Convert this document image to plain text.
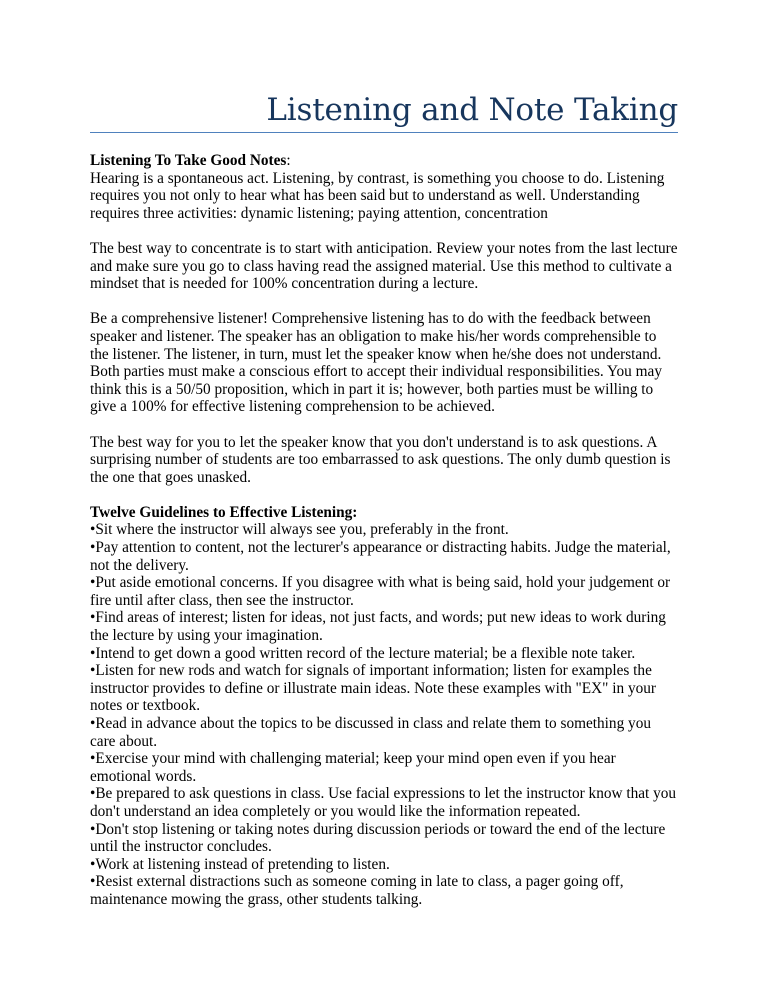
Listening and Note Taking
Listening To Take Good Notes:

Hearing is a spontaneous act. Listening, by contrast, is something you choose to do. Listening requires you not only to hear what has been said but to understand as well. Understanding requires three activities: dynamic listening; paying attention, concentration

The best way to concentrate is to start with anticipation. Review your notes from the last lecture and make sure you go to class having read the assigned material. Use this method to cultivate a mindset that is needed for 100% concentration during a lecture.

Be a comprehensive listener! Comprehensive listening has to do with the feedback between speaker and listener. The speaker has an obligation to make his/her words comprehensible to the listener. The listener, in turn, must let the speaker know when he/she does not understand. Both parties must make a conscious effort to accept their individual responsibilities. You may think this is a 50/50 proposition, which in part it is; however, both parties must be willing to give a 100% for effective listening comprehension to be achieved.

The best way for you to let the speaker know that you don't understand is to ask questions. A surprising number of students are too embarrassed to ask questions. The only dumb question is the one that goes unasked.

Twelve Guidelines to Effective Listening:
•Sit where the instructor will always see you, preferably in the front.
•Pay attention to content, not the lecturer's appearance or distracting habits. Judge the material, not the delivery.
•Put aside emotional concerns. If you disagree with what is being said, hold your judgement or fire until after class, then see the instructor.
•Find areas of interest; listen for ideas, not just facts, and words; put new ideas to work during the lecture by using your imagination.
•Intend to get down a good written record of the lecture material; be a flexible note taker.
•Listen for new rods and watch for signals of important information; listen for examples the instructor provides to define or illustrate main ideas. Note these examples with "EX" in your notes or textbook.
•Read in advance about the topics to be discussed in class and relate them to something you care about.
•Exercise your mind with challenging material; keep your mind open even if you hear emotional words.
•Be prepared to ask questions in class. Use facial expressions to let the instructor know that you don't understand an idea completely or you would like the information repeated.
•Don't stop listening or taking notes during discussion periods or toward the end of the lecture until the instructor concludes.
•Work at listening instead of pretending to listen.
•Resist external distractions such as someone coming in late to class, a pager going off, maintenance mowing the grass, other students talking.
